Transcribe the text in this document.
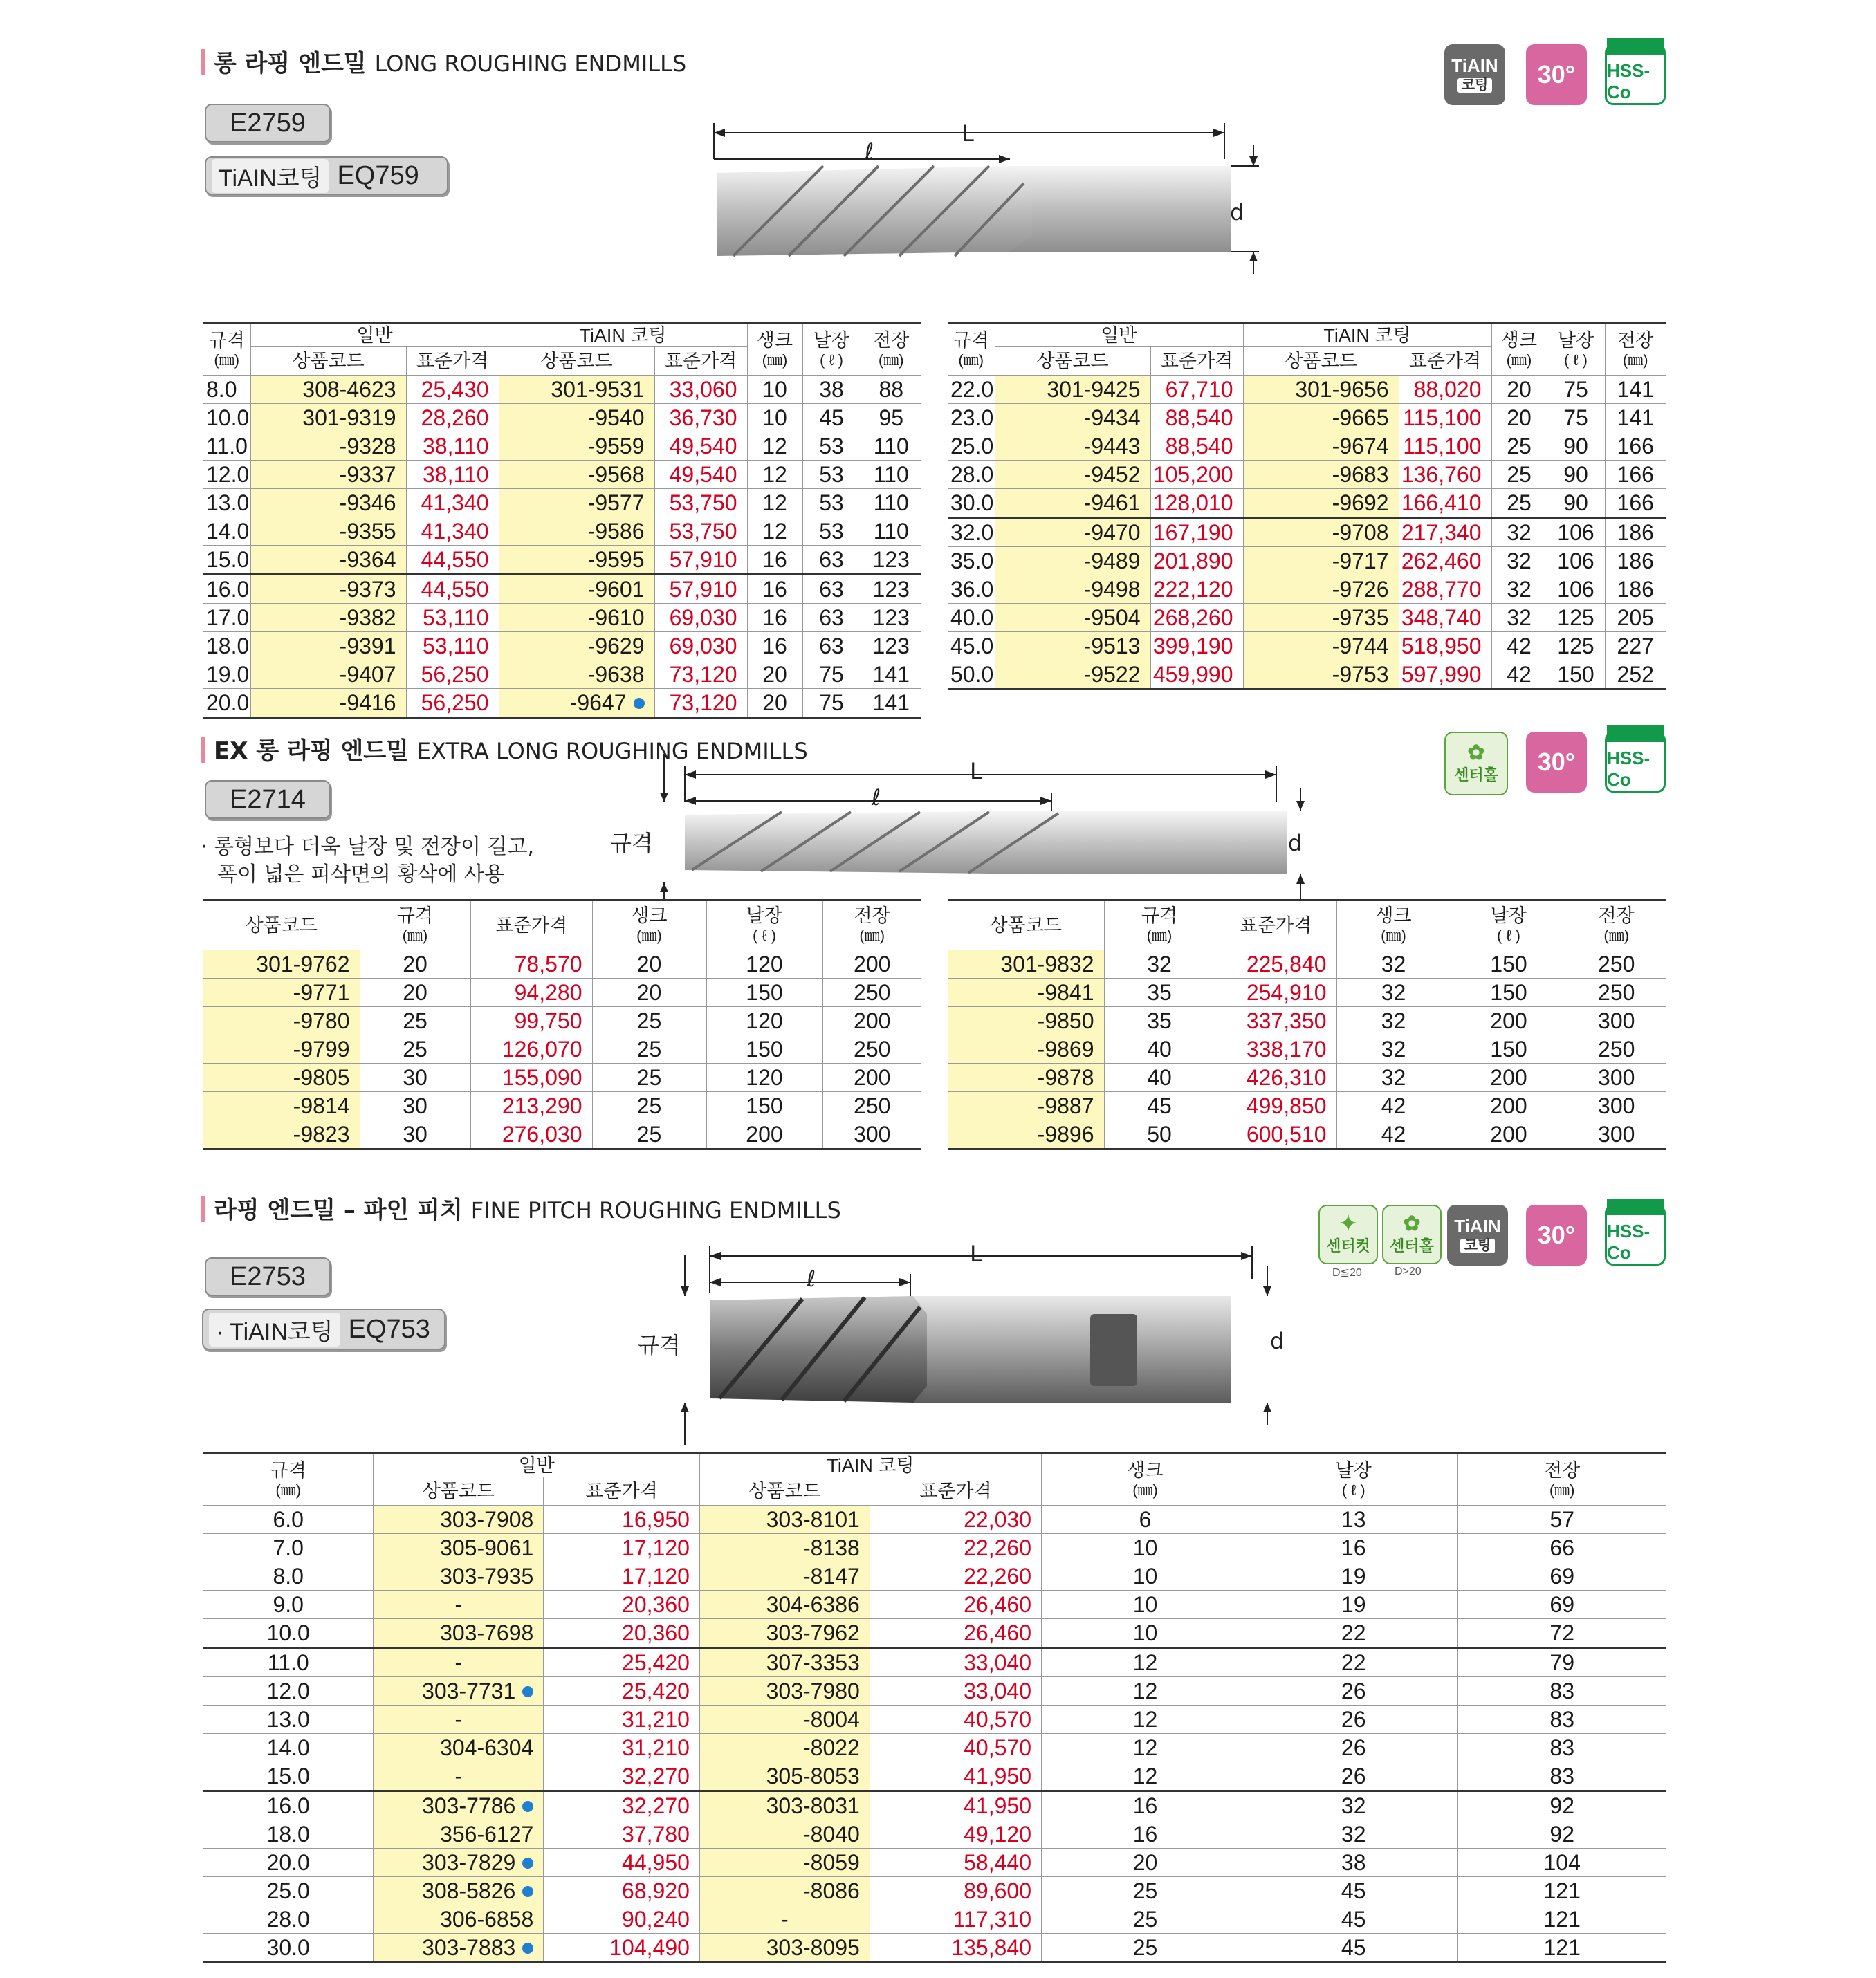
롱 라핑 엔드밀 LONG ROUGHING ENDMILLS
E2759
TiAIN코팅 EQ759
TiAIN
코팅 30° HSS-Co
L
ℓ
d
규격
(㎜)	일반		TiAIN 코팅		생크
(㎜)	날장
( ℓ )	전장
(㎜)
	상품코드	표준가격	상품코드	표준가격			
8.0	308-4623	25,430	301-9531	33,060	10	38	88
10.0	301-9319	28,260	-9540	36,730	10	45	95
11.0	-9328	38,110	-9559	49,540	12	53	110
12.0	-9337	38,110	-9568	49,540	12	53	110
13.0	-9346	41,340	-9577	53,750	12	53	110
14.0	-9355	41,340	-9586	53,750	12	53	110
15.0	-9364	44,550	-9595	57,910	16	63	123
16.0	-9373	44,550	-9601	57,910	16	63	123
17.0	-9382	53,110	-9610	69,030	16	63	123
18.0	-9391	53,110	-9629	69,030	16	63	123
19.0	-9407	56,250	-9638	73,120	20	75	141
20.0	-9416	56,250	-9647	73,120	20	75	141
규격
(㎜)	일반		TiAIN 코팅		생크
(㎜)	날장
( ℓ )	전장
(㎜)
	상품코드	표준가격	상품코드	표준가격			
22.0	301-9425	67,710	301-9656	88,020	20	75	141
23.0	-9434	88,540	-9665	115,100	20	75	141
25.0	-9443	88,540	-9674	115,100	25	90	166
28.0	-9452	105,200	-9683	136,760	25	90	166
30.0	-9461	128,010	-9692	166,410	25	90	166
32.0	-9470	167,190	-9708	217,340	32	106	186
35.0	-9489	201,890	-9717	262,460	32	106	186
36.0	-9498	222,120	-9726	288,770	32	106	186
40.0	-9504	268,260	-9735	348,740	32	125	205
45.0	-9513	399,190	-9744	518,950	42	125	227
50.0	-9522	459,990	-9753	597,990	42	150	252
EX 롱 라핑 엔드밀 EXTRA LONG ROUGHING ENDMILLS
E2714
· 롱형보다 더욱 날장 및 전장이 길고,
폭이 넓은 피삭면의 황삭에 사용
✿
센터홀 30° HSS-Co
L
ℓ
규격	d
상품코드	규격
(㎜)	표준가격	생크
(㎜)	날장
( ℓ )	전장
(㎜)
301-9762	20	78,570	20	120	200
-9771	20	94,280	20	150	250
-9780	25	99,750	25	120	200
-9799	25	126,070	25	150	250
-9805	30	155,090	25	120	200
-9814	30	213,290	25	150	250
-9823	30	276,030	25	200	300
상품코드	규격
(㎜)	표준가격	생크
(㎜)	날장
( ℓ )	전장
(㎜)
301-9832	32	225,840	32	150	250
-9841	35	254,910	32	150	250
-9850	35	337,350	32	200	300
-9869	40	338,170	32	150	250
-9878	40	426,310	32	200	300
-9887	45	499,850	42	200	300
-9896	50	600,510	42	200	300
라핑 엔드밀 – 파인 피치 FINE PITCH ROUGHING ENDMILLS
E2753
· TiAIN코팅 EQ753
✦
센터컷
D≦20
✿
센터홀
D>20
TiAIN
코팅 30° HSS-Co
L
ℓ
규격	d
규격
(㎜)	일반		TiAIN 코팅		생크
(㎜)	날장
( ℓ )	전장
(㎜)
	상품코드	표준가격	상품코드	표준가격			
6.0	303-7908	16,950	303-8101	22,030	6	13	57
7.0	305-9061	17,120	-8138	22,260	10	16	66
8.0	303-7935	17,120	-8147	22,260	10	19	69
9.0	-	20,360	304-6386	26,460	10	19	69
10.0	303-7698	20,360	303-7962	26,460	10	22	72
11.0	-	25,420	307-3353	33,040	12	22	79
12.0	303-7731	25,420	303-7980	33,040	12	26	83
13.0	-	31,210	-8004	40,570	12	26	83
14.0	304-6304	31,210	-8022	40,570	12	26	83
15.0	-	32,270	305-8053	41,950	12	26	83
16.0	303-7786	32,270	303-8031	41,950	16	32	92
18.0	356-6127	37,780	-8040	49,120	16	32	92
20.0	303-7829	44,950	-8059	58,440	20	38	104
25.0	308-5826	68,920	-8086	89,600	25	45	121
28.0	306-6858	90,240	-	117,310	25	45	121
30.0	303-7883	104,490	303-8095	135,840	25	45	121
